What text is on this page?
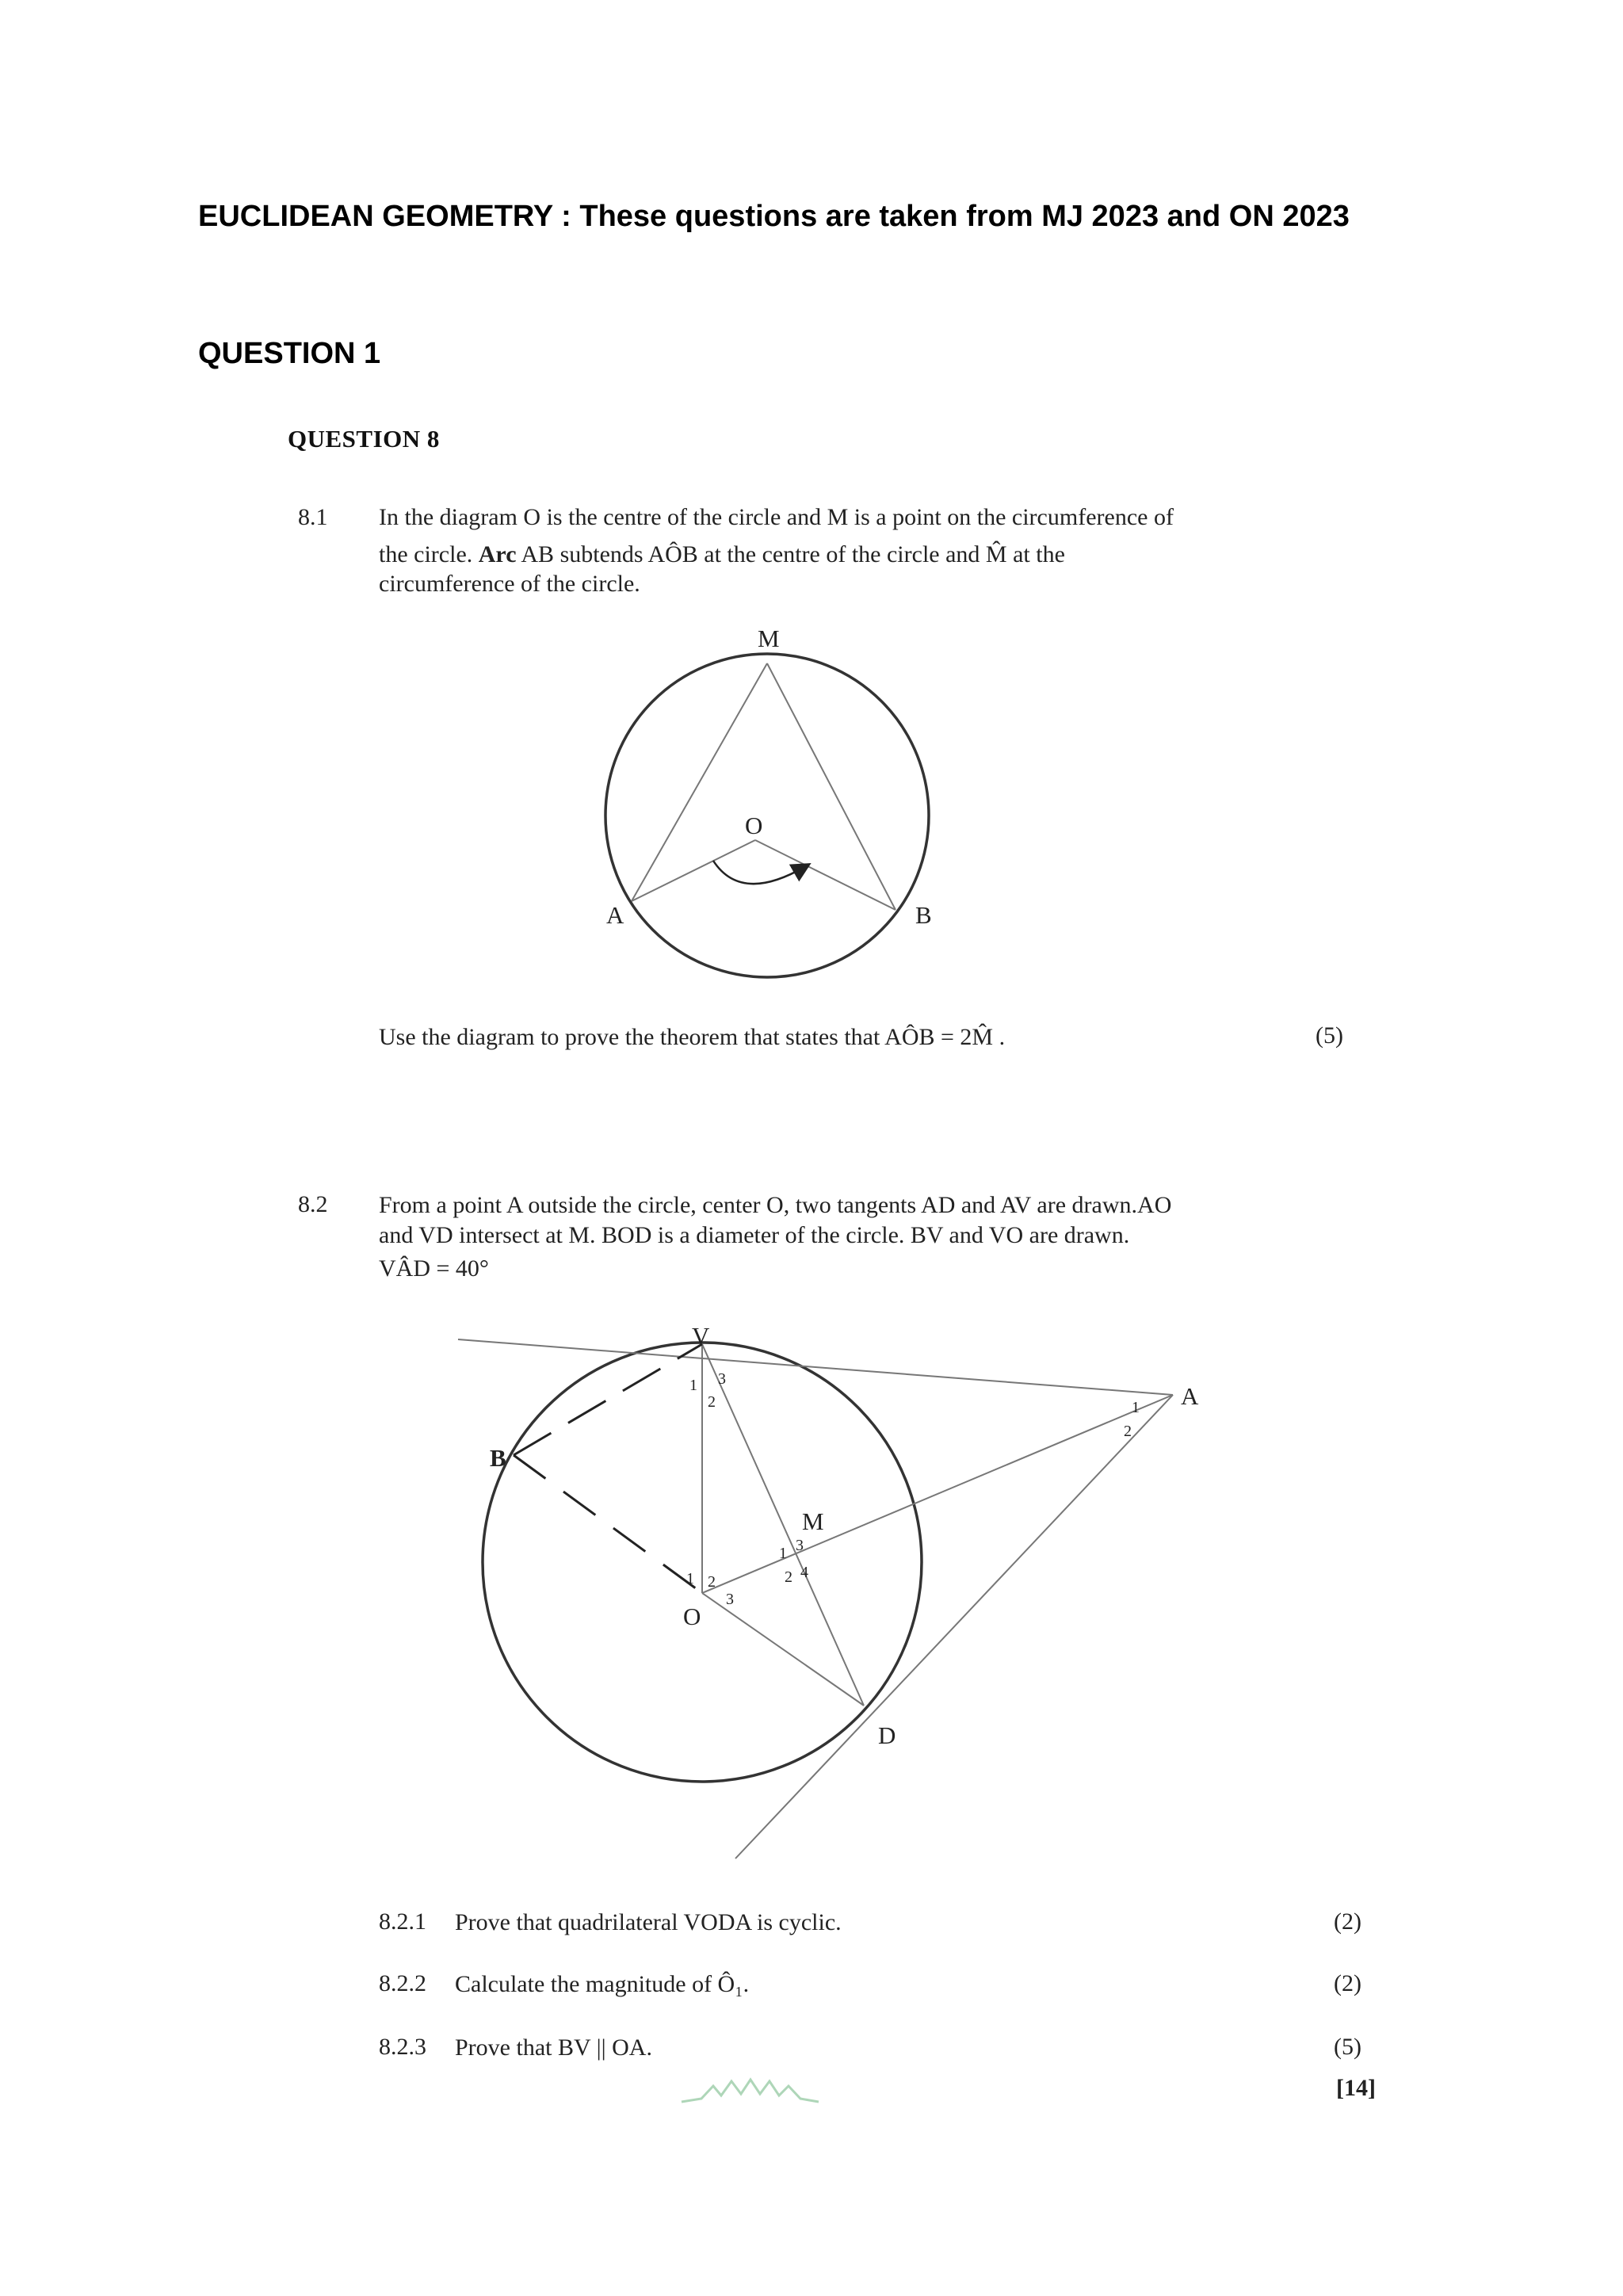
EUCLIDEAN GEOMETRY : These questions are taken from MJ 2023 and ON 2023
QUESTION 1
QUESTION 8
8.1 In the diagram O is the centre of the circle and M is a point on the circumference of
the circle. Arc AB subtends AÔB at the centre of the circle and M̂ at the
circumference of the circle.
M
O
A	B
Use the diagram to prove the theorem that states that AÔB = 2M̂ .	(5)
8.2 From a point A outside the circle, center O, two tangents AD and AV are drawn.AO
and VD intersect at M. BOD is a diameter of the circle. BV and VO are drawn.
VÂD = 40°
V
A
B
M
O
D
1
2
3
1
2
1
2
3
4
1 2
3
8.2.1 Prove that quadrilateral VODA is cyclic.	(2)
8.2.2 Calculate the magnitude of Ô₁.	(2)
8.2.3 Prove that BV || OA.	(5)
[14]
